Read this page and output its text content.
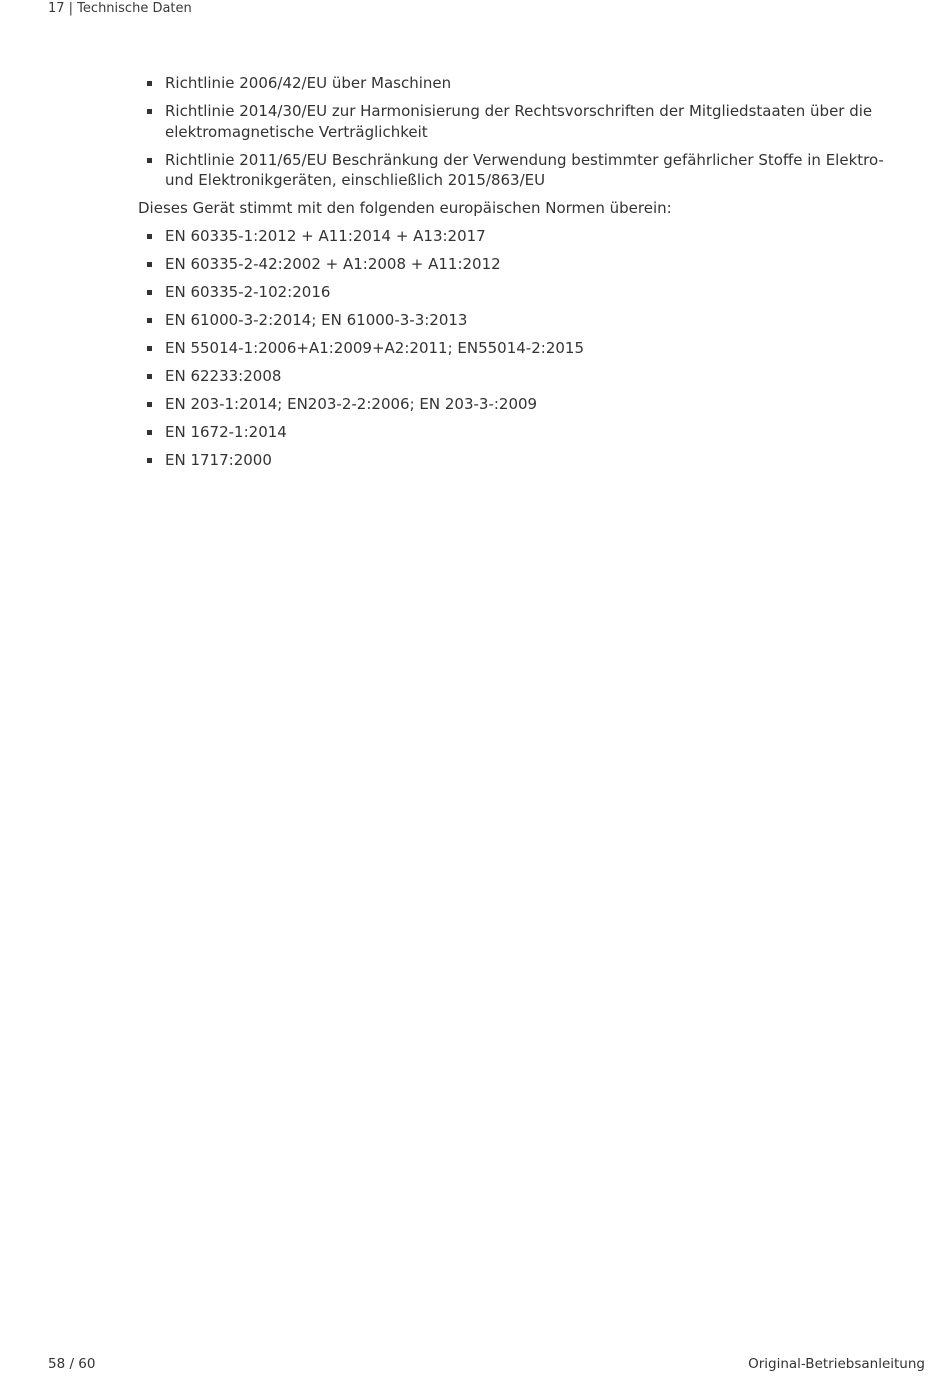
17 | Technische Daten
Richtlinie 2006/42/EU über Maschinen
Richtlinie 2014/30/EU zur Harmonisierung der Rechtsvorschriften der Mitgliedstaaten über die elektromagnetische Verträglichkeit
Richtlinie 2011/65/EU Beschränkung der Verwendung bestimmter gefährlicher Stoffe in Elektro- und Elektronikgeräten, einschließlich 2015/863/EU

Dieses Gerät stimmt mit den folgenden europäischen Normen überein:

EN 60335-1:2012 + A11:2014 + A13:2017
EN 60335-2-42:2002 + A1:2008 + A11:2012
EN 60335-2-102:2016
EN 61000-3-2:2014; EN 61000-3-3:2013
EN 55014-1:2006+A1:2009+A2:2011; EN55014-2:2015
EN 62233:2008
EN 203-1:2014; EN203-2-2:2006; EN 203-3-:2009
EN 1672-1:2014
EN 1717:2000
58 / 60	Original-Betriebsanleitung
